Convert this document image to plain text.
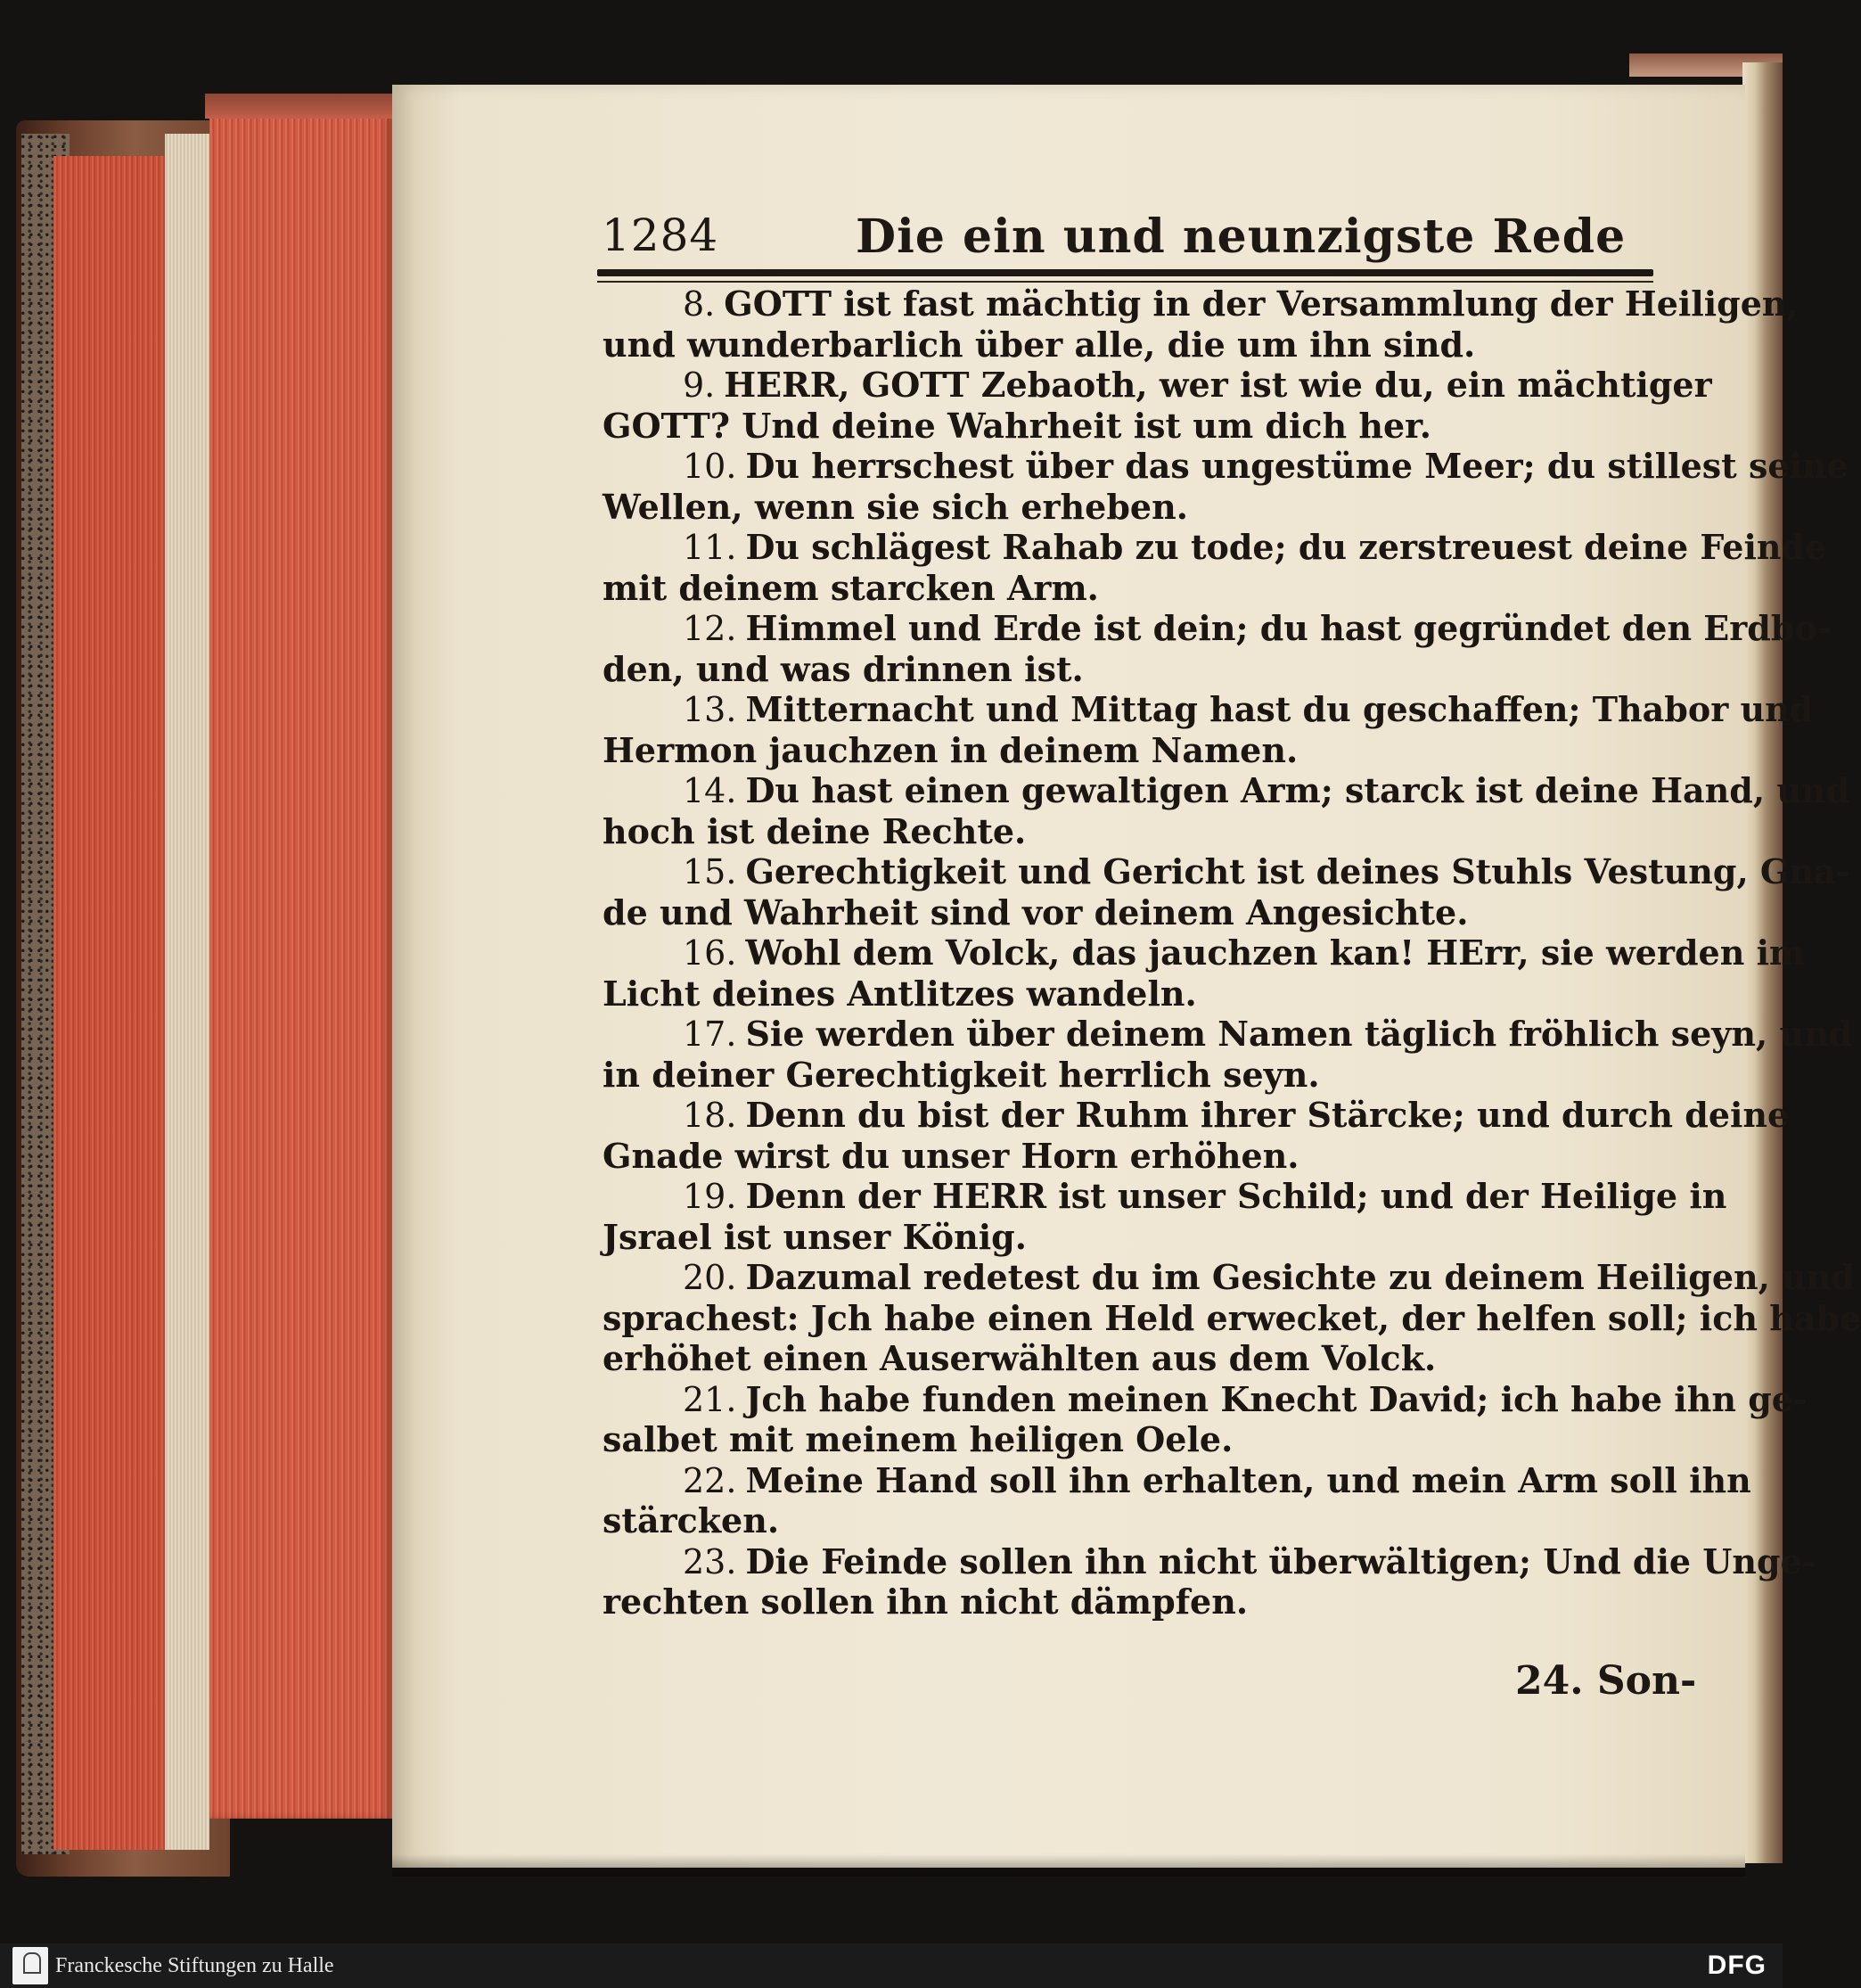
1284	Die ein und neunzigste Rede
8. GOTT ist fast mächtig in der Versammlung der Heiligen,
und wunderbarlich über alle, die um ihn sind.
9. HERR, GOTT Zebaoth, wer ist wie du, ein mächtiger
GOTT? Und deine Wahrheit ist um dich her.
10. Du herrschest über das ungestüme Meer; du stillest seine
Wellen, wenn sie sich erheben.
11. Du schlägest Rahab zu tode; du zerstreuest deine Feinde
mit deinem starcken Arm.
12. Himmel und Erde ist dein; du hast gegründet den Erdbo-
den, und was drinnen ist.
13. Mitternacht und Mittag hast du geschaffen; Thabor und
Hermon jauchzen in deinem Namen.
14. Du hast einen gewaltigen Arm; starck ist deine Hand, und
hoch ist deine Rechte.
15. Gerechtigkeit und Gericht ist deines Stuhls Vestung, Gna-
de und Wahrheit sind vor deinem Angesichte.
16. Wohl dem Volck, das jauchzen kan! HErr, sie werden im
Licht deines Antlitzes wandeln.
17. Sie werden über deinem Namen täglich fröhlich seyn, und
in deiner Gerechtigkeit herrlich seyn.
18. Denn du bist der Ruhm ihrer Stärcke; und durch deine
Gnade wirst du unser Horn erhöhen.
19. Denn der HERR ist unser Schild; und der Heilige in
Jsrael ist unser König.
20. Dazumal redetest du im Gesichte zu deinem Heiligen, und
sprachest: Jch habe einen Held erwecket, der helfen soll; ich habe
erhöhet einen Auserwählten aus dem Volck.
21. Jch habe funden meinen Knecht David; ich habe ihn ge-
salbet mit meinem heiligen Oele.
22. Meine Hand soll ihn erhalten, und mein Arm soll ihn
stärcken.
23. Die Feinde sollen ihn nicht überwältigen; Und die Unge-
rechten sollen ihn nicht dämpfen.
24. Son-
Franckesche Stiftungen zu Halle	DFG
